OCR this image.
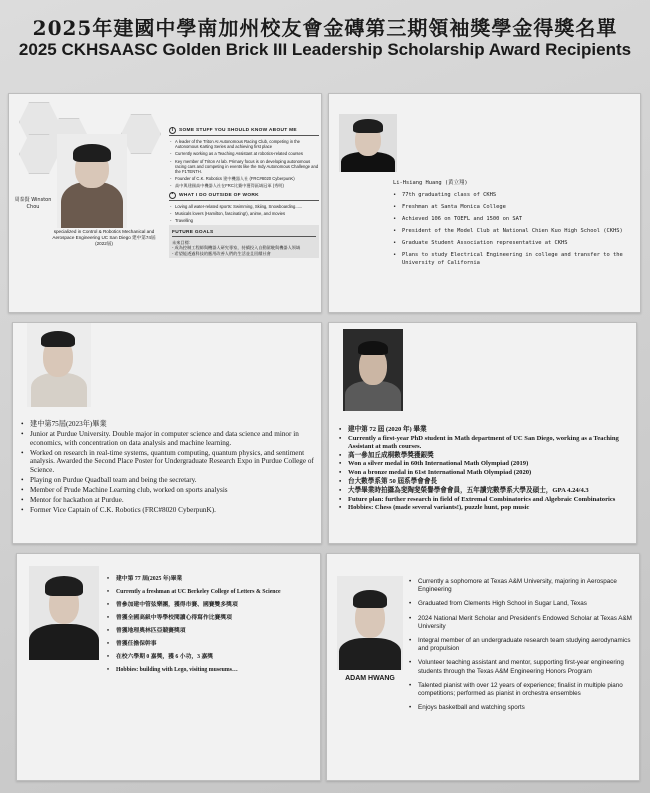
2025年建國中學南加州校友會金磚第三期領袖獎學金得獎名單
2025 CKHSAASC Golden Brick III Leadership Scholarship Award Recipients
周泰賢 Winston Chou
specialized in Control & Robotics Mechanical and Aerospace Engineering UC San Diego 建中第74屆 (2022屆)
i	SOME STUFF YOU SHOULD KNOW ABOUT ME
- A leader of the Triton AI Autonomous Racing Club, competing in the Autonomous Karting Series and achieving first place
- Currently working as a Teaching Assistant at robotics-related courses
- Key member of Triton AI lab. Primary focus is on developing autonomous racing cars and competing in events like the Indy Autonomous Challenge and the F1TENTH.
- Founder of C.K. Robotics 建中機器人社 (FRC#8020 CyberpunK)
- 高中與建國高中機器人社在FRC比賽中獲得區域冠軍 (秀明)
*	WHAT I DO OUTSIDE OF WORK
- Loving all water-related sports: Swimming, Skiing, Snowboarding......
- Musicals lovers (Hamilton, fascinating!), anime, and movies
- Travelling
FUTURE GOALS
未來目標：
- 成為控制工程師與機器人研究專家，持續投入自動駕駛與機器人領域
- 希望能透過科技的應用改善人們的生活並且回饋社會
Li-Hsiang Huang (黃立翔)
• 77th graduating class of CKHS
• Freshman at Santa Monica College
• Achieved 106 on TOEFL and 1500 on SAT
• President of the Model Club at National Chien Kuo High School (CKHS)
• Graduate Student Association representative at CKHS
• Plans to study Electrical Engineering in college and transfer to the University of California
• 建中第75屆(2023年)畢業
• Junior at Purdue University. Double major in computer science and data science and minor in economics, with concentration on data analysis and machine learning.
• Worked on research in real-time systems, quantum computing, quantum physics, and sentiment analysis. Awarded the Second Place Poster for Undergraduate Research Expo in Purdue College of Science.
• Playing on Purdue Quadball team and being the secretary.
• Member of Prude Machine Learning club, worked on sports analysis
• Mentor for hackathon at Purdue.
• Former Vice Captain of C.K. Robotics (FRC#8020 CyberpunK).
• 建中第 72 屆 (2020 年) 畢業
• Currently a first-year PhD student in Math department of UC San Diego, working as a Teaching Assistant at math courses.
• 高一參加丘成桐數學獎獲銀獎
• Won a silver medal in 60th International Math Olympiad (2019)
• Won a bronze medal in 61st International Math Olympiad (2020)
• 台大數學系第 50 屆系學會會長
• 大學畢業時拍攝為斐陶斐榮譽學會會員，五年讀完數學系大學及碩士，GPA 4.24/4.3
• Future plan: further research in field of Extremal Combinatorics and Algebraic Combinatorics
• Hobbies: Chess (made several variants!), puzzle hunt, pop music
• 建中第 77 屆(2025 年)畢業
• Currently a freshman at UC Berkeley College of Letters & Science
• 曾參加建中管弦樂團，獲得市賽、國賽雙多獎項
• 曾獲全國高級中等學校閱讀心得寫作比賽獎項
• 曾獲地理奧林匹亞競賽獎項
• 曾獲任擔保幹事
• 在校六學期 0 嘉獎，獲 6 小功，3 嘉獎
• Hobbies: building with Lego, visiting museums…
ADAM HWANG
• Currently a sophomore at Texas A&M University, majoring in Aerospace Engineering
• Graduated from Clements High School in Sugar Land, Texas
• 2024 National Merit Scholar and President's Endowed Scholar at Texas A&M University
• Integral member of an undergraduate research team studying aerodynamics and propulsion
• Volunteer teaching assistant and mentor, supporting first-year engineering students through the Texas A&M Engineering Honors Program
• Talented pianist with over 12 years of experience; finalist in multiple piano competitions; performed as pianist in orchestra ensembles
• Enjoys basketball and watching sports
